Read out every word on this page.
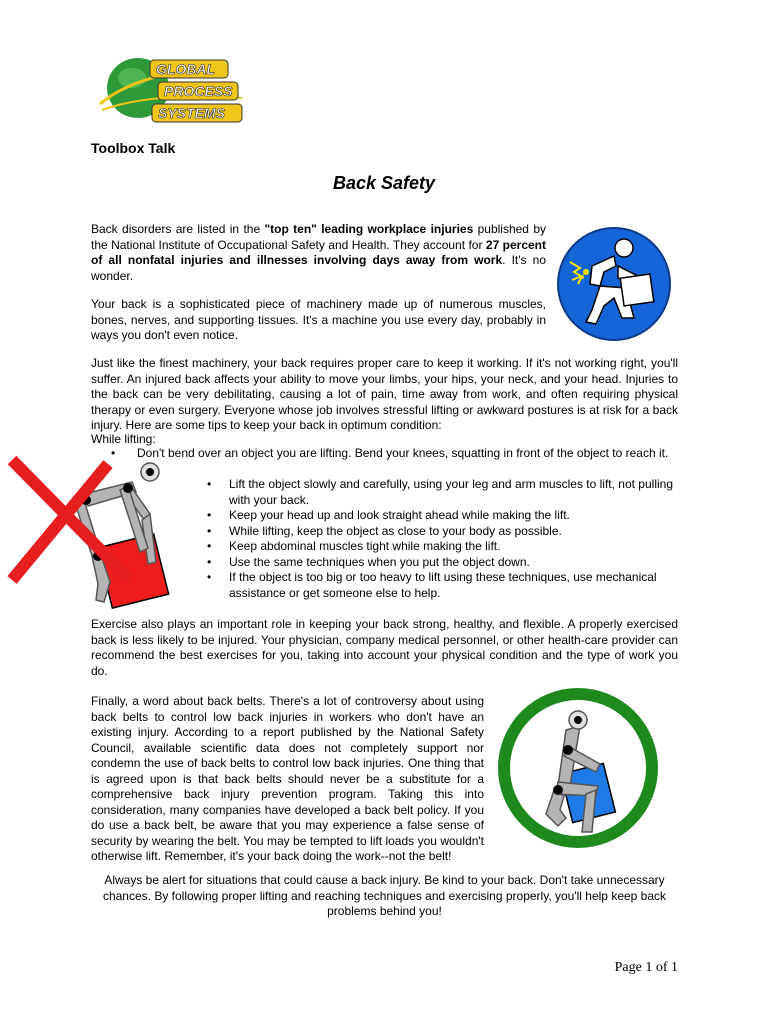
GLOBAL
PROCESS
SYSTEMS
Toolbox Talk
Back Safety

Back disorders are listed in the "top ten" leading workplace injuries published by the National Institute of Occupational Safety and Health. They account for 27 percent of all nonfatal injuries and illnesses involving days away from work. It's no wonder.

Your back is a sophisticated piece of machinery made up of numerous muscles, bones, nerves, and supporting tissues. It's a machine you use every day, probably in ways you don't even notice.

Just like the finest machinery, your back requires proper care to keep it working. If it's not working right, you'll suffer. An injured back affects your ability to move your limbs, your hips, your neck, and your head. Injuries to the back can be very debilitating, causing a lot of pain, time away from work, and often requiring physical therapy or even surgery. Everyone whose job involves stressful lifting or awkward postures is at risk for a back injury. Here are some tips to keep your back in optimum condition:

While lifting:
• Don't bend over an object you are lifting. Bend your knees, squatting in front of the object to reach it.
• Lift the object slowly and carefully, using your leg and arm muscles to lift, not pulling with your back.
• Keep your head up and look straight ahead while making the lift.
• While lifting, keep the object as close to your body as possible.
• Keep abdominal muscles tight while making the lift.
• Use the same techniques when you put the object down.
• If the object is too big or too heavy to lift using these techniques, use mechanical assistance or get someone else to help.

Exercise also plays an important role in keeping your back strong, healthy, and flexible. A properly exercised back is less likely to be injured. Your physician, company medical personnel, or other health-care provider can recommend the best exercises for you, taking into account your physical condition and the type of work you do.

Finally, a word about back belts. There's a lot of controversy about using back belts to control low back injuries in workers who don't have an existing injury. According to a report published by the National Safety Council, available scientific data does not completely support nor condemn the use of back belts to control low back injuries. One thing that is agreed upon is that back belts should never be a substitute for a comprehensive back injury prevention program. Taking this into consideration, many companies have developed a back belt policy. If you do use a back belt, be aware that you may experience a false sense of security by wearing the belt. You may be tempted to lift loads you wouldn't otherwise lift. Remember, it's your back doing the work--not the belt!

Always be alert for situations that could cause a back injury. Be kind to your back. Don't take unnecessary chances. By following proper lifting and reaching techniques and exercising properly, you'll help keep back problems behind you!

Page 1 of 1
